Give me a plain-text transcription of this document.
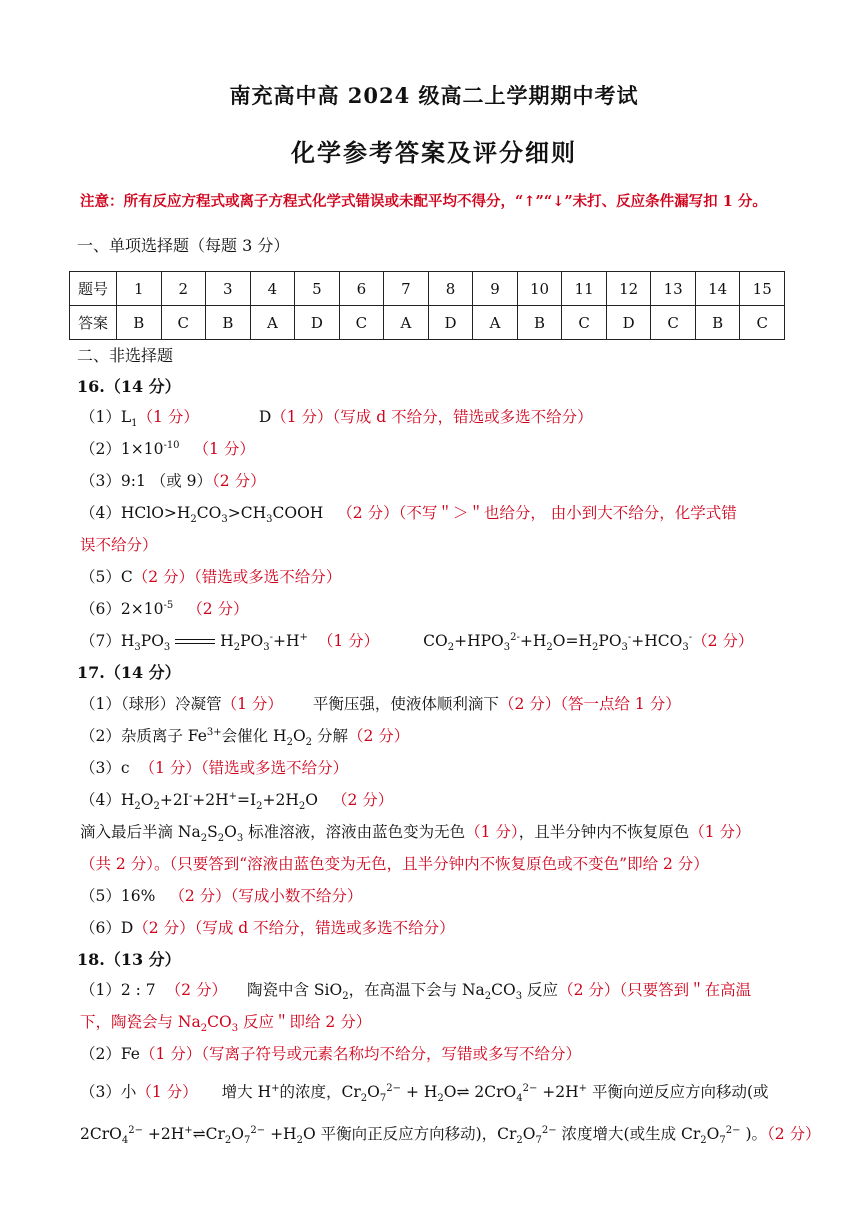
南充高中高 2024 级高二上学期期中考试
化学参考答案及评分细则
注意：所有反应方程式或离子方程式化学式错误或未配平均不得分，“↑”“↓”未打、反应条件漏写扣 1 分。
一、单项选择题（每题 3 分）
题号	1	2	3	4	5	6	7	8	9	10	11	12	13	14	15
答案	B	C	B	A	D	C	A	D	A	B	C	D	C	B	C
二、非选择题
16.（14 分）
$(1)L_1(1$ 分）	D（1 分）（写成 d 不给分，错选或多选不给分）
$(2)1\times 10^{-10}$ （1 分）
（3）9:1 （或 9）（2 分）
$(4)HClO>H_2CO_3>CH_3COOH$ （2 分）（不写＂＞＂也给分， 由小到大不给分，化学式错
误不给分）
（5）C（2 分）（错选或多选不给分）
$(6)2\times 10^{-5}$ （2 分）
$(7)H_3PO_3$	$H_2PO_3^-+H^+$ （1 分）	$CO_2+HPO_3^{2-}+H_2O=H_2PO_3^-+HCO_3^-(2$ 分）
17.（14 分）
（1）（球形）冷凝管（1 分） 平衡压强，使液体顺利滴下（2 分）（答一点给 1 分）
（2）杂质离子 $Fe^{3+}$会催化 $H_2O_2$ 分解（2 分）
（3）c （1 分）（错选或多选不给分）
$(4)H_2O_2+2I^-+2H^+=I_2+2H_2O$ （2 分）
滴入最后半滴 $Na_2S_2O_3$ 标准溶液，溶液由蓝色变为无色（1 分），且半分钟内不恢复原色（1 分）
（共 2 分）。（只要答到“溶液由蓝色变为无色，且半分钟内不恢复原色或不变色”即给 2 分）
（5）16% （2 分）（写成小数不给分）
（6）D（2 分）（写成 d 不给分，错选或多选不给分）
18.（13 分）
（1）2 : 7 （2 分） 陶瓷中含 SiO$_2$，在高温下会与 $Na_2CO_3$ 反应（2 分）（只要答到＂在高温
下，陶瓷会与 $Na_2CO_3$ 反应＂即给 2 分）
（2）Fe（1 分）（写离子符号或元素名称均不给分，写错或多写不给分）
（3）小（1 分） 增大 H+的浓度，$Cr_2O_7^{2-}$ + $H_2O\rightleftharpoons$ 2CrO$_4^{2-}$ +2H+ 平衡向逆反应方向移动(或
$2CrO_4^{2-} +2H^+\rightleftharpoons Cr_2O_7^{2-} +H_2O$ 平衡向正反应方向移动)，$Cr_2O_7^{2-}$ 浓度增大(或生成 $Cr_2O_7^{2-}$ )。（2 分）
